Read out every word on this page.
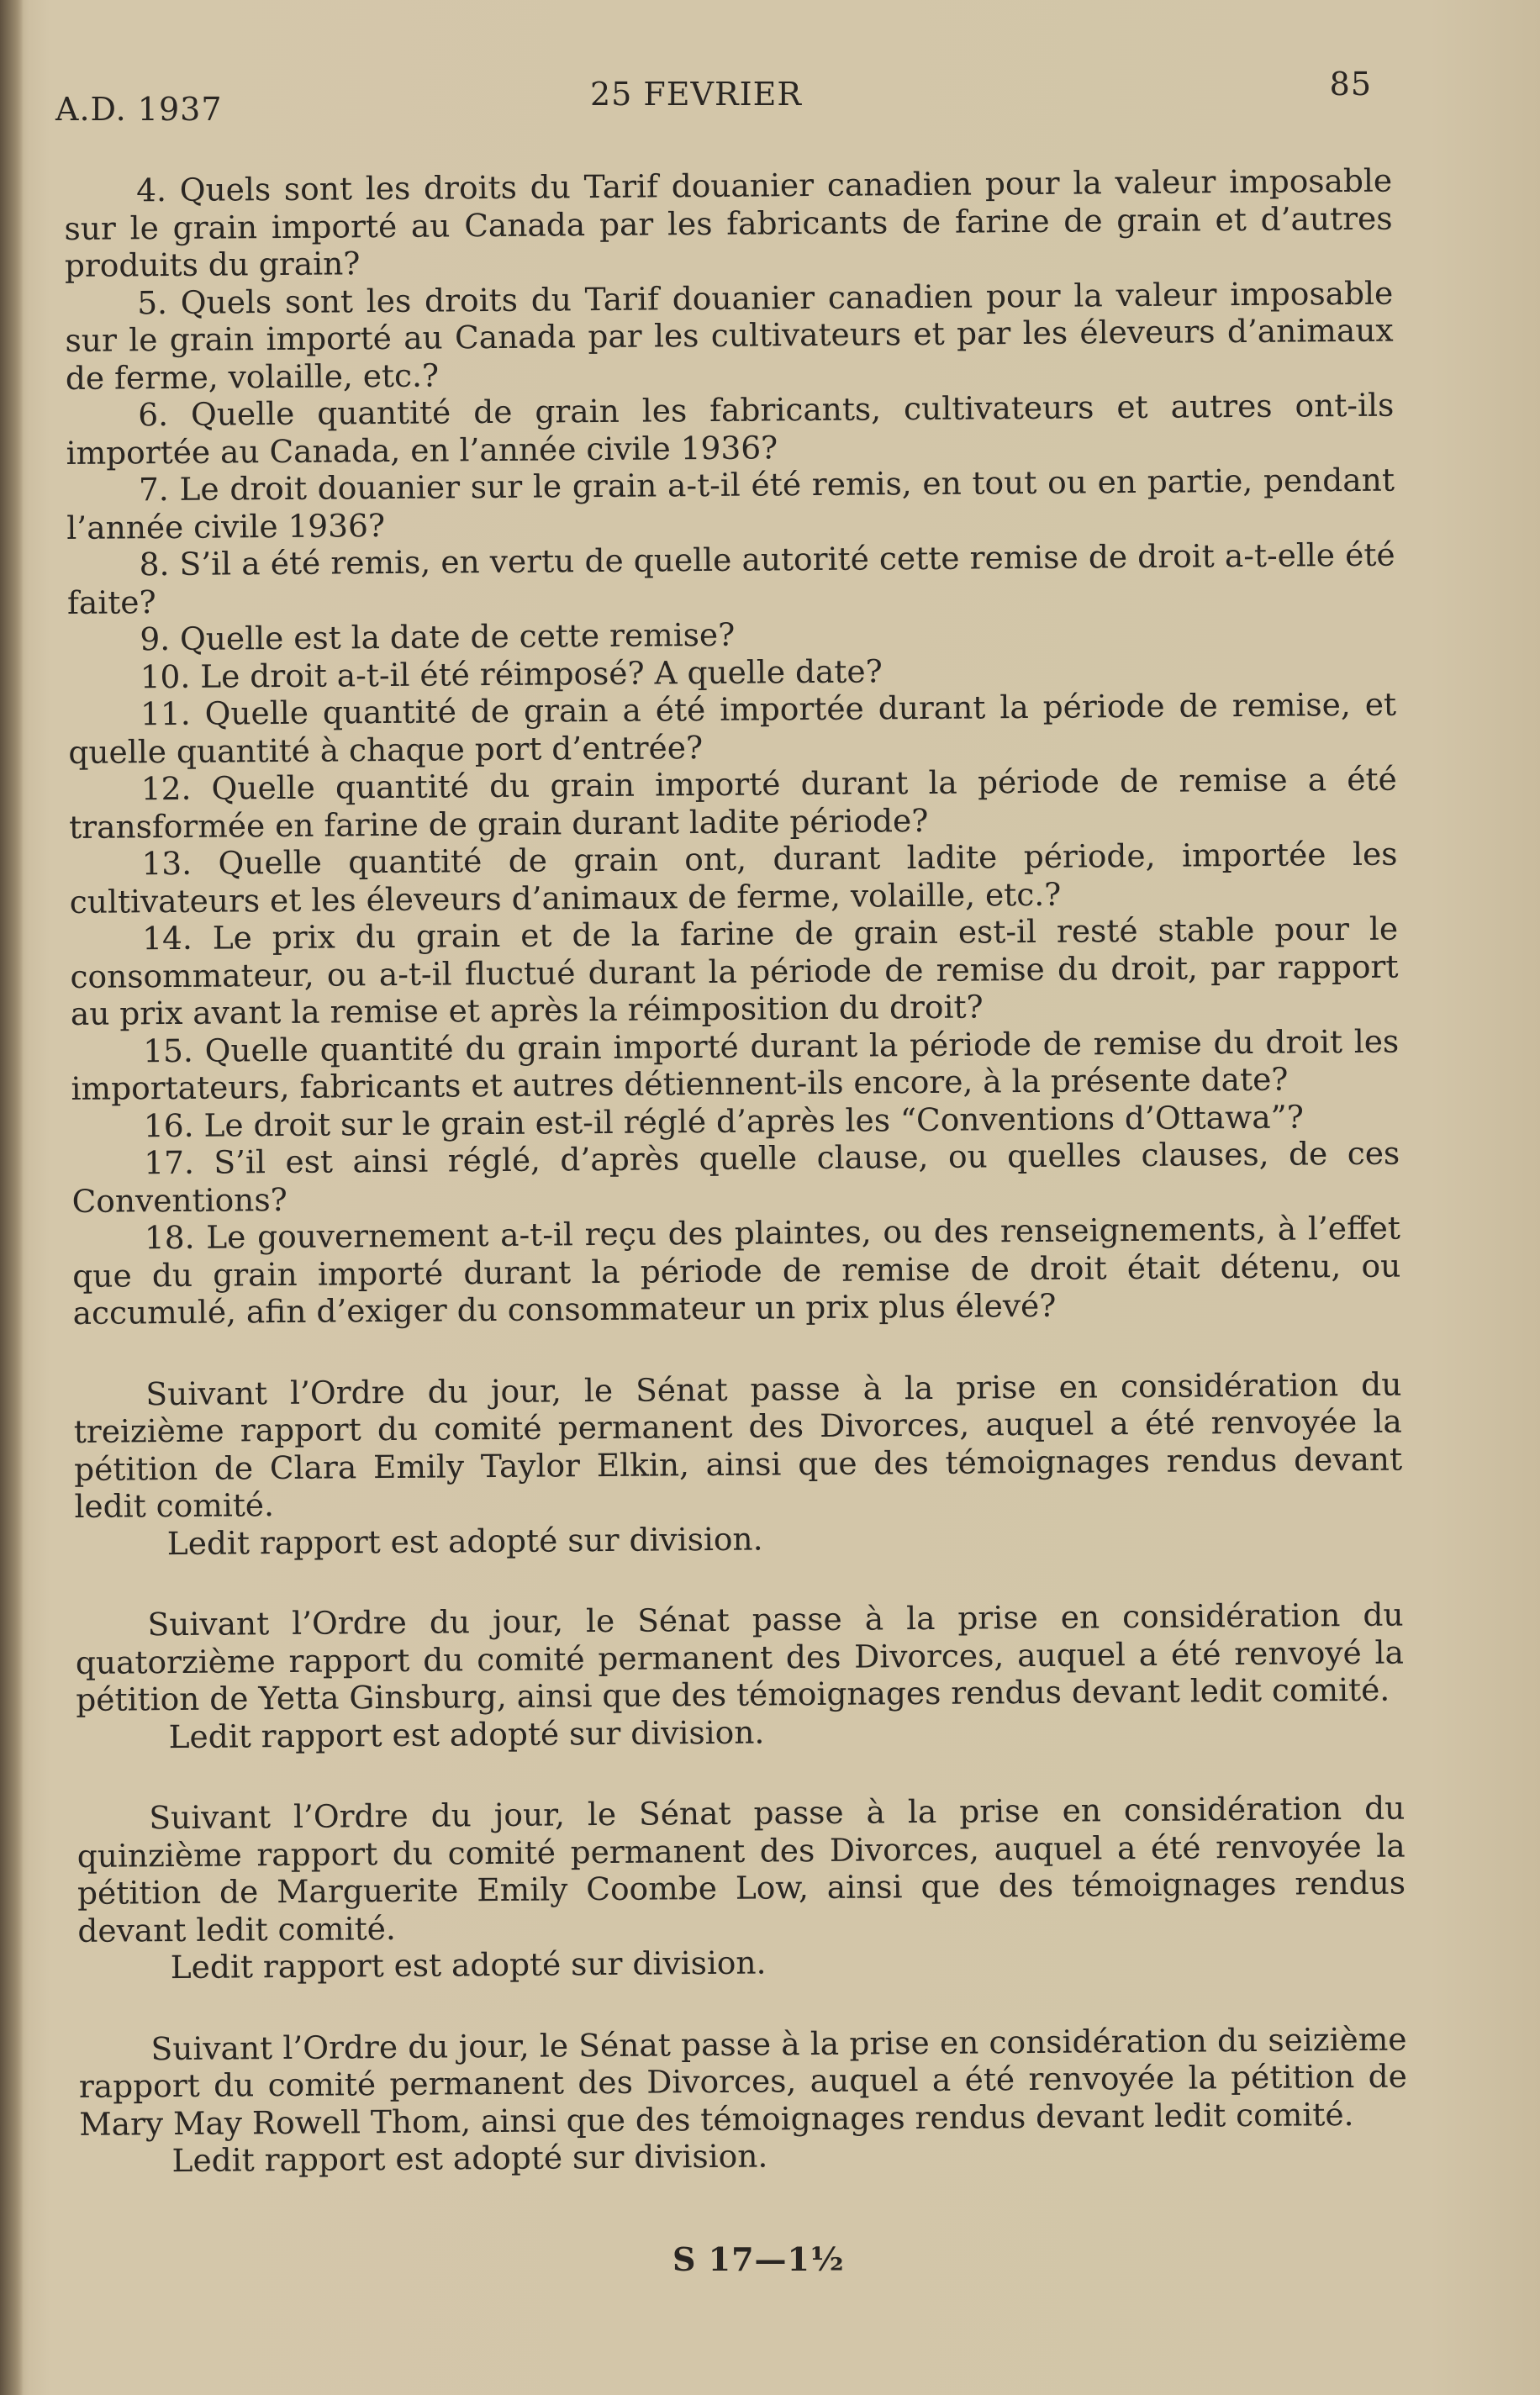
A.D. 1937	25 FEVRIER	85

4. Quels sont les droits du Tarif douanier canadien pour la valeur imposable sur le grain importé au Canada par les fabricants de farine de grain et d’autres produits du grain?

5. Quels sont les droits du Tarif douanier canadien pour la valeur imposable sur le grain importé au Canada par les cultivateurs et par les éleveurs d’animaux de ferme, volaille, etc.?

6. Quelle quantité de grain les fabricants, cultivateurs et autres ont-ils importée au Canada, en l’année civile 1936?

7. Le droit douanier sur le grain a-t-il été remis, en tout ou en partie, pendant l’année civile 1936?

8. S’il a été remis, en vertu de quelle autorité cette remise de droit a-t-elle été faite?

9. Quelle est la date de cette remise?

10. Le droit a-t-il été réimposé? A quelle date?

11. Quelle quantité de grain a été importée durant la période de remise, et quelle quantité à chaque port d’entrée?

12. Quelle quantité du grain importé durant la période de remise a été transformée en farine de grain durant ladite période?

13. Quelle quantité de grain ont, durant ladite période, importée les cultivateurs et les éleveurs d’animaux de ferme, volaille, etc.?

14. Le prix du grain et de la farine de grain est-il resté stable pour le consommateur, ou a-t-il fluctué durant la période de remise du droit, par rapport au prix avant la remise et après la réimposition du droit?

15. Quelle quantité du grain importé durant la période de remise du droit les importateurs, fabricants et autres détiennent-ils encore, à la présente date?

16. Le droit sur le grain est-il réglé d’après les “Conventions d’Ottawa”?

17. S’il est ainsi réglé, d’après quelle clause, ou quelles clauses, de ces Conventions?

18. Le gouvernement a-t-il reçu des plaintes, ou des renseignements, à l’effet que du grain importé durant la période de remise de droit était détenu, ou accumulé, afin d’exiger du consommateur un prix plus élevé?

Suivant l’Ordre du jour, le Sénat passe à la prise en considération du treizième rapport du comité permanent des Divorces, auquel a été renvoyée la pétition de Clara Emily Taylor Elkin, ainsi que des témoignages rendus devant ledit comité.

Ledit rapport est adopté sur division.

Suivant l’Ordre du jour, le Sénat passe à la prise en considération du quatorzième rapport du comité permanent des Divorces, auquel a été renvoyé la pétition de Yetta Ginsburg, ainsi que des témoignages rendus devant ledit comité.

Ledit rapport est adopté sur division.

Suivant l’Ordre du jour, le Sénat passe à la prise en considération du quinzième rapport du comité permanent des Divorces, auquel a été renvoyée la pétition de Marguerite Emily Coombe Low, ainsi que des témoignages rendus devant ledit comité.

Ledit rapport est adopté sur division.

Suivant l’Ordre du jour, le Sénat passe à la prise en considération du seizième rapport du comité permanent des Divorces, auquel a été renvoyée la pétition de Mary May Rowell Thom, ainsi que des témoignages rendus devant ledit comité.

Ledit rapport est adopté sur division.

S 17—1½
